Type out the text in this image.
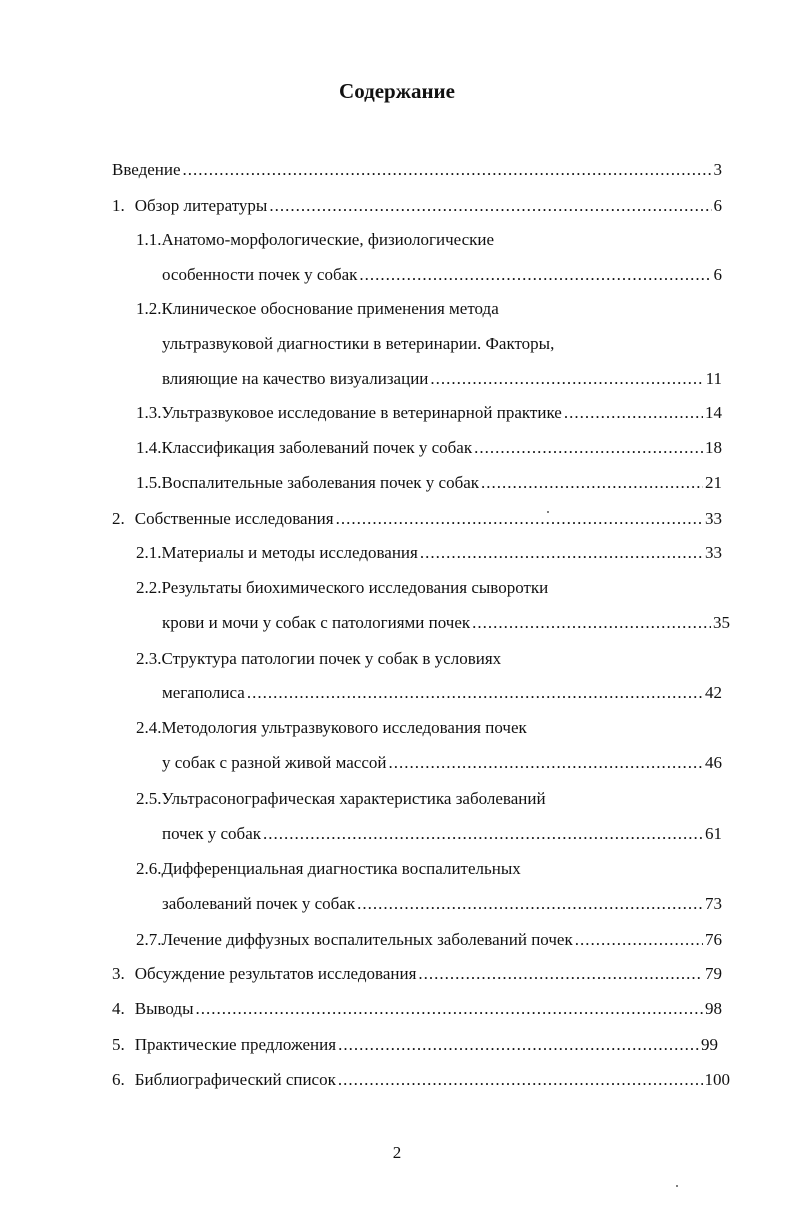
Содержание
Введение .....	3
1. Обзор литературы .....	6
1.1.Анатомо-морфологические, физиологические
особенности почек у собак .....	6
1.2.Клиническое обоснование применения метода
ультразвуковой диагностики в ветеринарии. Факторы,
влияющие на качество визуализации .....	11
1.3.Ультразвуковое исследование в ветеринарной практике .....	14
1.4.Классификация заболеваний почек у собак .....	18
1.5.Воспалительные заболевания почек у собак .....	21
2. Собственные исследования .....	33
2.1.Материалы и методы исследования .....	33
2.2.Результаты биохимического исследования сыворотки
крови и мочи у собак с патологиями почек .....	35
2.3.Структура патологии почек у собак в условиях
мегаполиса .....	42
2.4.Методология ультразвукового исследования почек
у собак с разной живой массой .....	46
2.5.Ультрасонографическая характеристика заболеваний
почек у собак .....	61
2.6.Дифференциальная диагностика воспалительных
заболеваний почек у собак .....	73
2.7.Лечение диффузных воспалительных заболеваний почек .....	76
3. Обсуждение результатов исследования .....	79
4. Выводы .....	98
5. Практические предложения .....	99
6. Библиографический список .....	100
2
